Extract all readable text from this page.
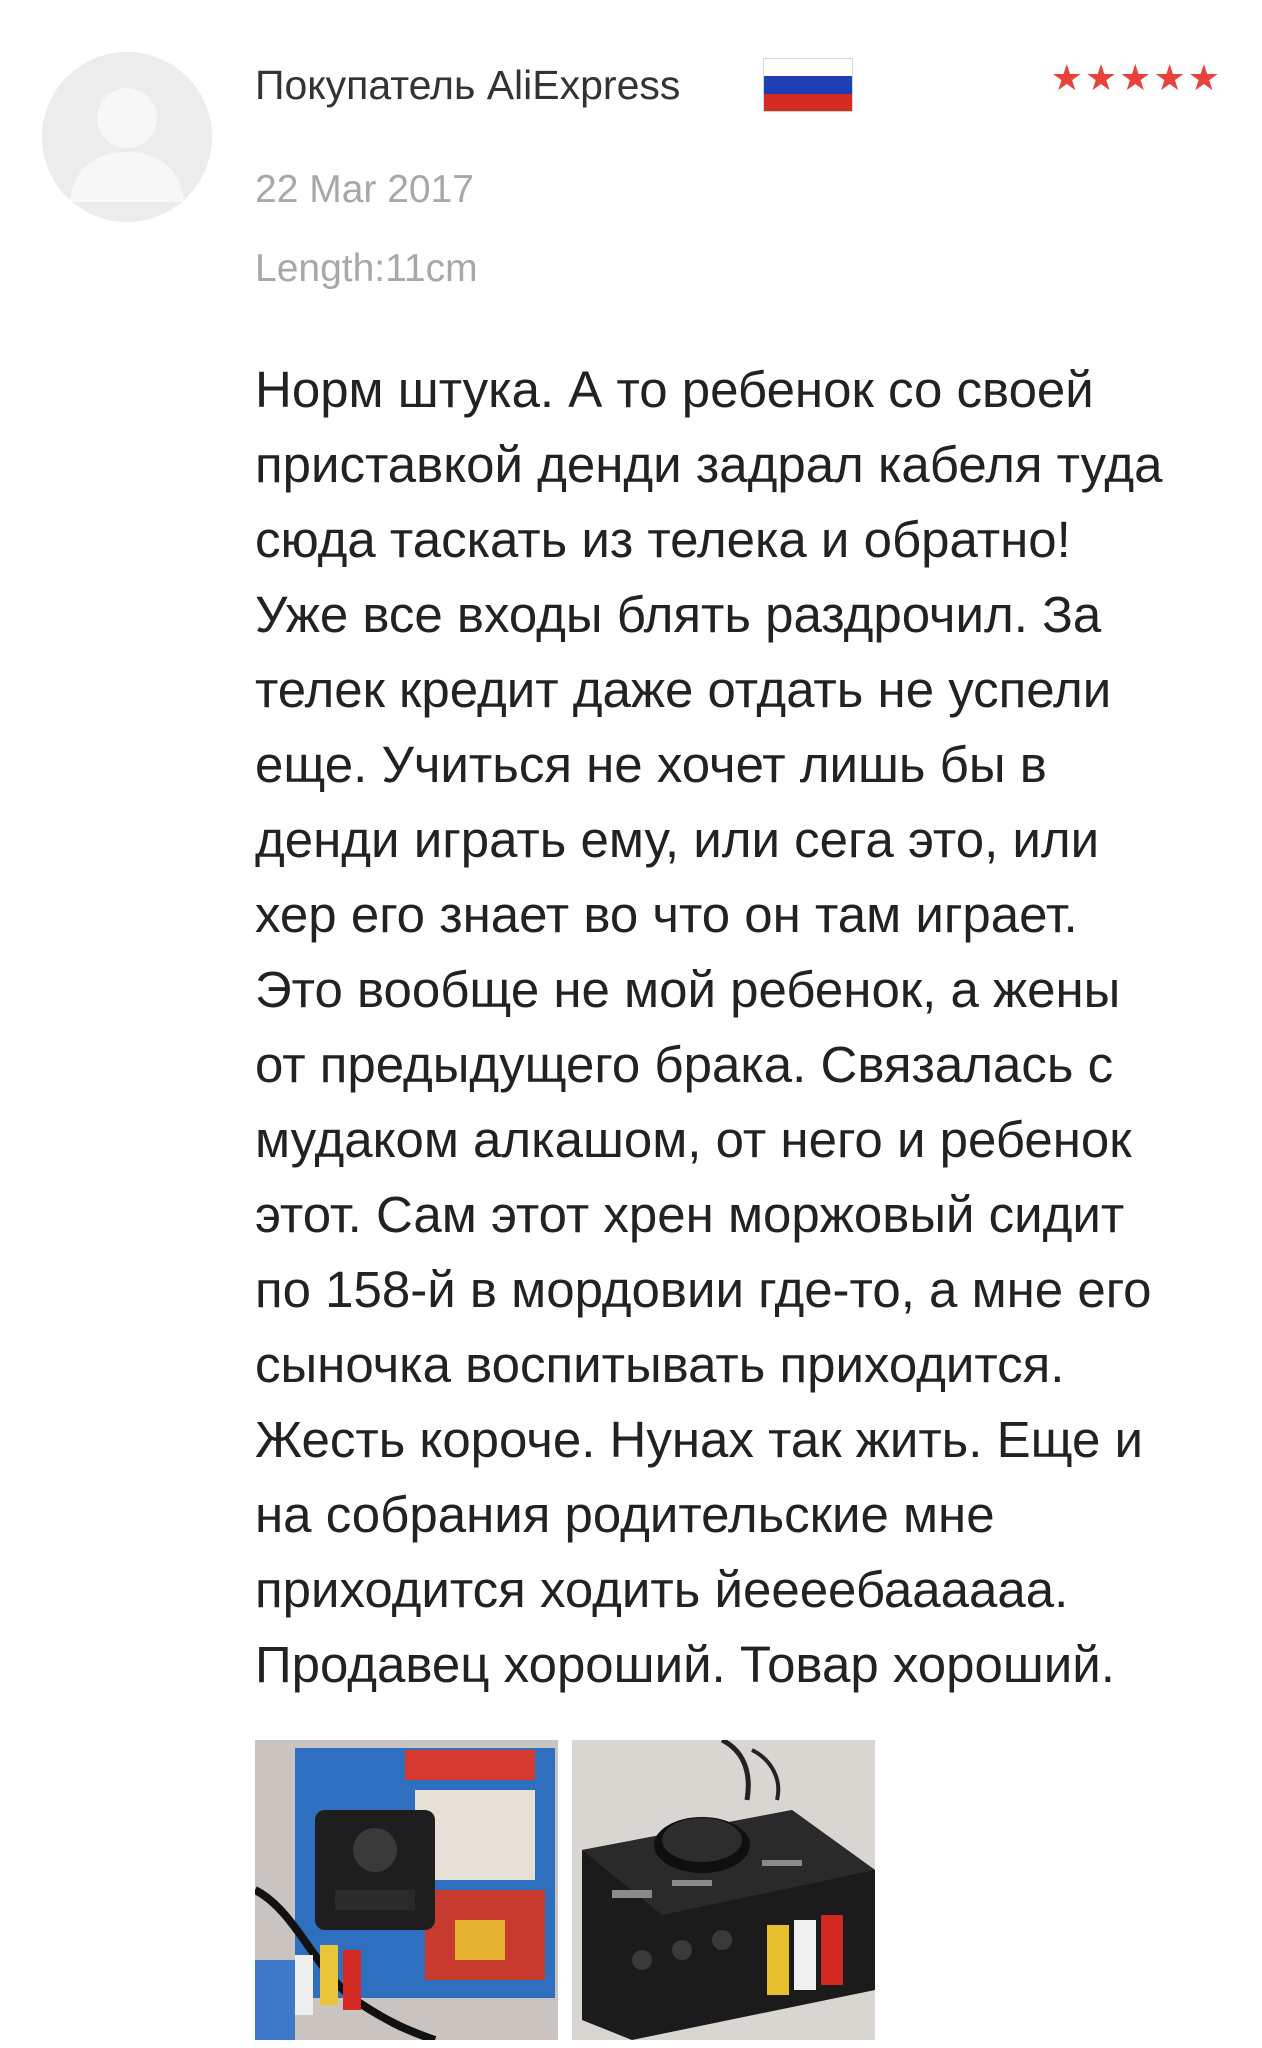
Покупатель AliExpress	★★★★★
22 Mar 2017
Length:11cm
Норм штука. А то ребенок со своей
приставкой денди задрал кабеля туда
сюда таскать из телека и обратно!
Уже все входы блять раздрочил. За
телек кредит даже отдать не успели
еще. Учиться не хочет лишь бы в
денди играть ему, или сега это, или
хер его знает во что он там играет.
Это вообще не мой ребенок, а жены
от предыдущего брака. Связалась с
мудаком алкашом, от него и ребенок
этот. Сам этот хрен моржовый сидит
по 158-й в мордовии где-то, а мне его
сыночка воспитывать приходится.
Жесть короче. Нунах так жить. Еще и
на собрания родительские мне
приходится ходить йеееебаааааа.
Продавец хороший. Товар хороший.
